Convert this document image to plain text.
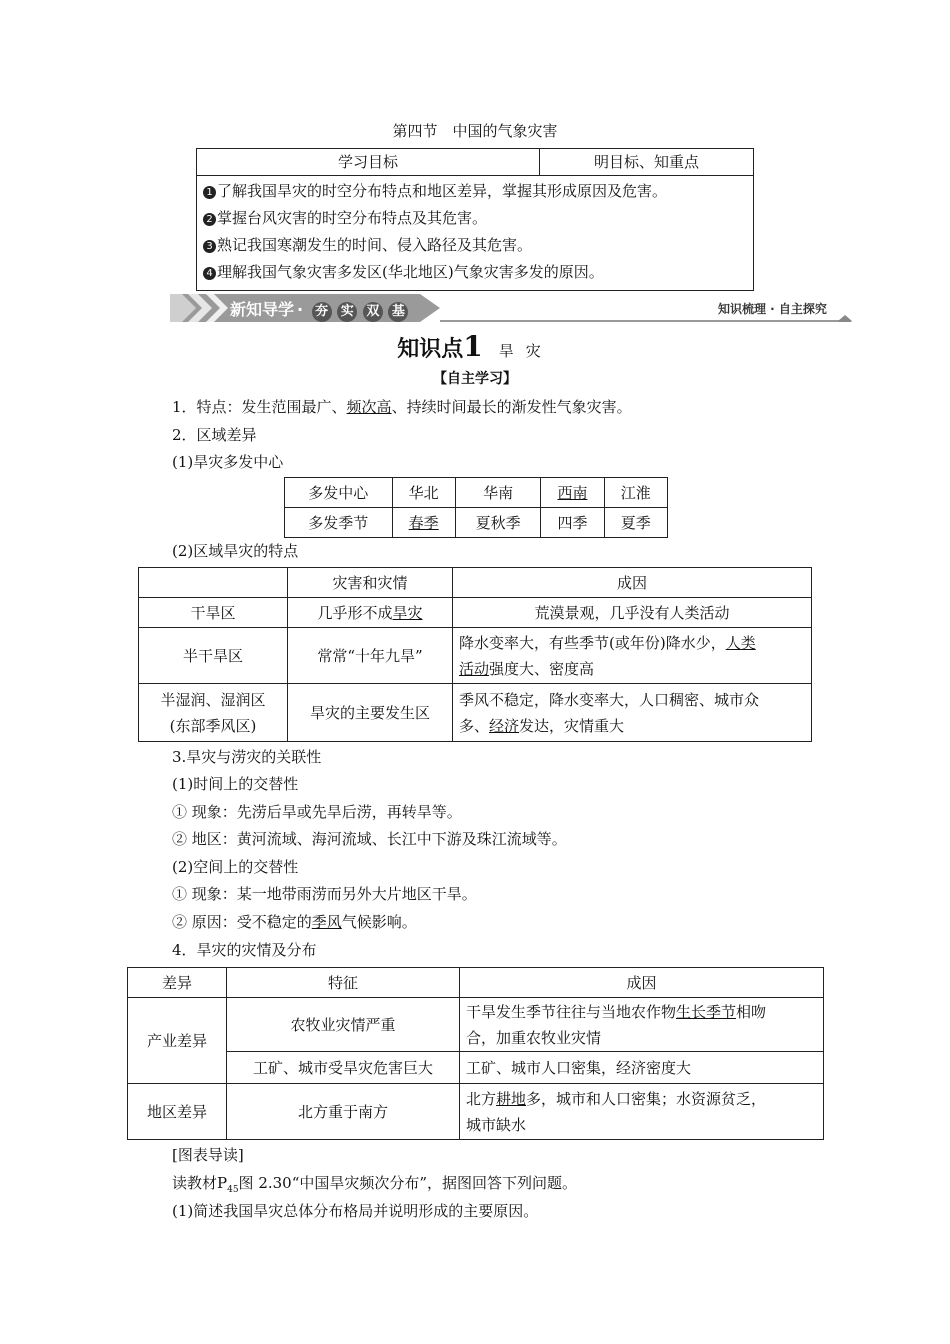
第四节　中国的气象灾害
学习目标	明目标、知重点

1 了解我国旱灾的时空分布特点和地区差异，掌握其形成原因及危害。
2 掌握台风灾害的时空分布特点及其危害。
3 熟记我国寒潮发生的时间、侵入路径及其危害。
4 理解我国气象灾害多发区(华北地区)气象灾害多发的原因。
新知导学 · 夯 实 双 基	知识梳理 · 自主探究
知识点1 旱灾
【自主学习】
1．特点：发生范围最广、频次高、持续时间最长的渐发性气象灾害。
2．区域差异
(1)旱灾多发中心
多发中心	华北	华南	西南	江淮
多发季节	春季	夏秋季	四季	夏季
(2)区域旱灾的特点
	灾害和灾情	成因
干旱区	几乎形不成旱灾	荒漠景观，几乎没有人类活动
半干旱区	常常“十年九旱”	降水变率大，有些季节(或年份)降水少，人类
活动强度大、密度高
半湿润、湿润区
(东部季风区)	旱灾的主要发生区	季风不稳定，降水变率大，人口稠密、城市众
多、经济发达，灾情重大
3.旱灾与涝灾的关联性
(1)时间上的交替性
① 现象：先涝后旱或先旱后涝，再转旱等。
② 地区：黄河流域、海河流域、长江中下游及珠江流域等。
(2)空间上的交替性
① 现象：某一地带雨涝而另外大片地区干旱。
② 原因：受不稳定的季风气候影响。
4．旱灾的灾情及分布
差异	特征	成因
产业差异	农牧业灾情严重	干旱发生季节往往与当地农作物生长季节相吻
合，加重农牧业灾情
	工矿、城市受旱灾危害巨大	工矿、城市人口密集，经济密度大
地区差异	北方重于南方	北方耕地多，城市和人口密集；水资源贫乏，
城市缺水
[图表导读]
读教材$P_{45}$图 2.30“中国旱灾频次分布”，据图回答下列问题。
(1)简述我国旱灾总体分布格局并说明形成的主要原因。
